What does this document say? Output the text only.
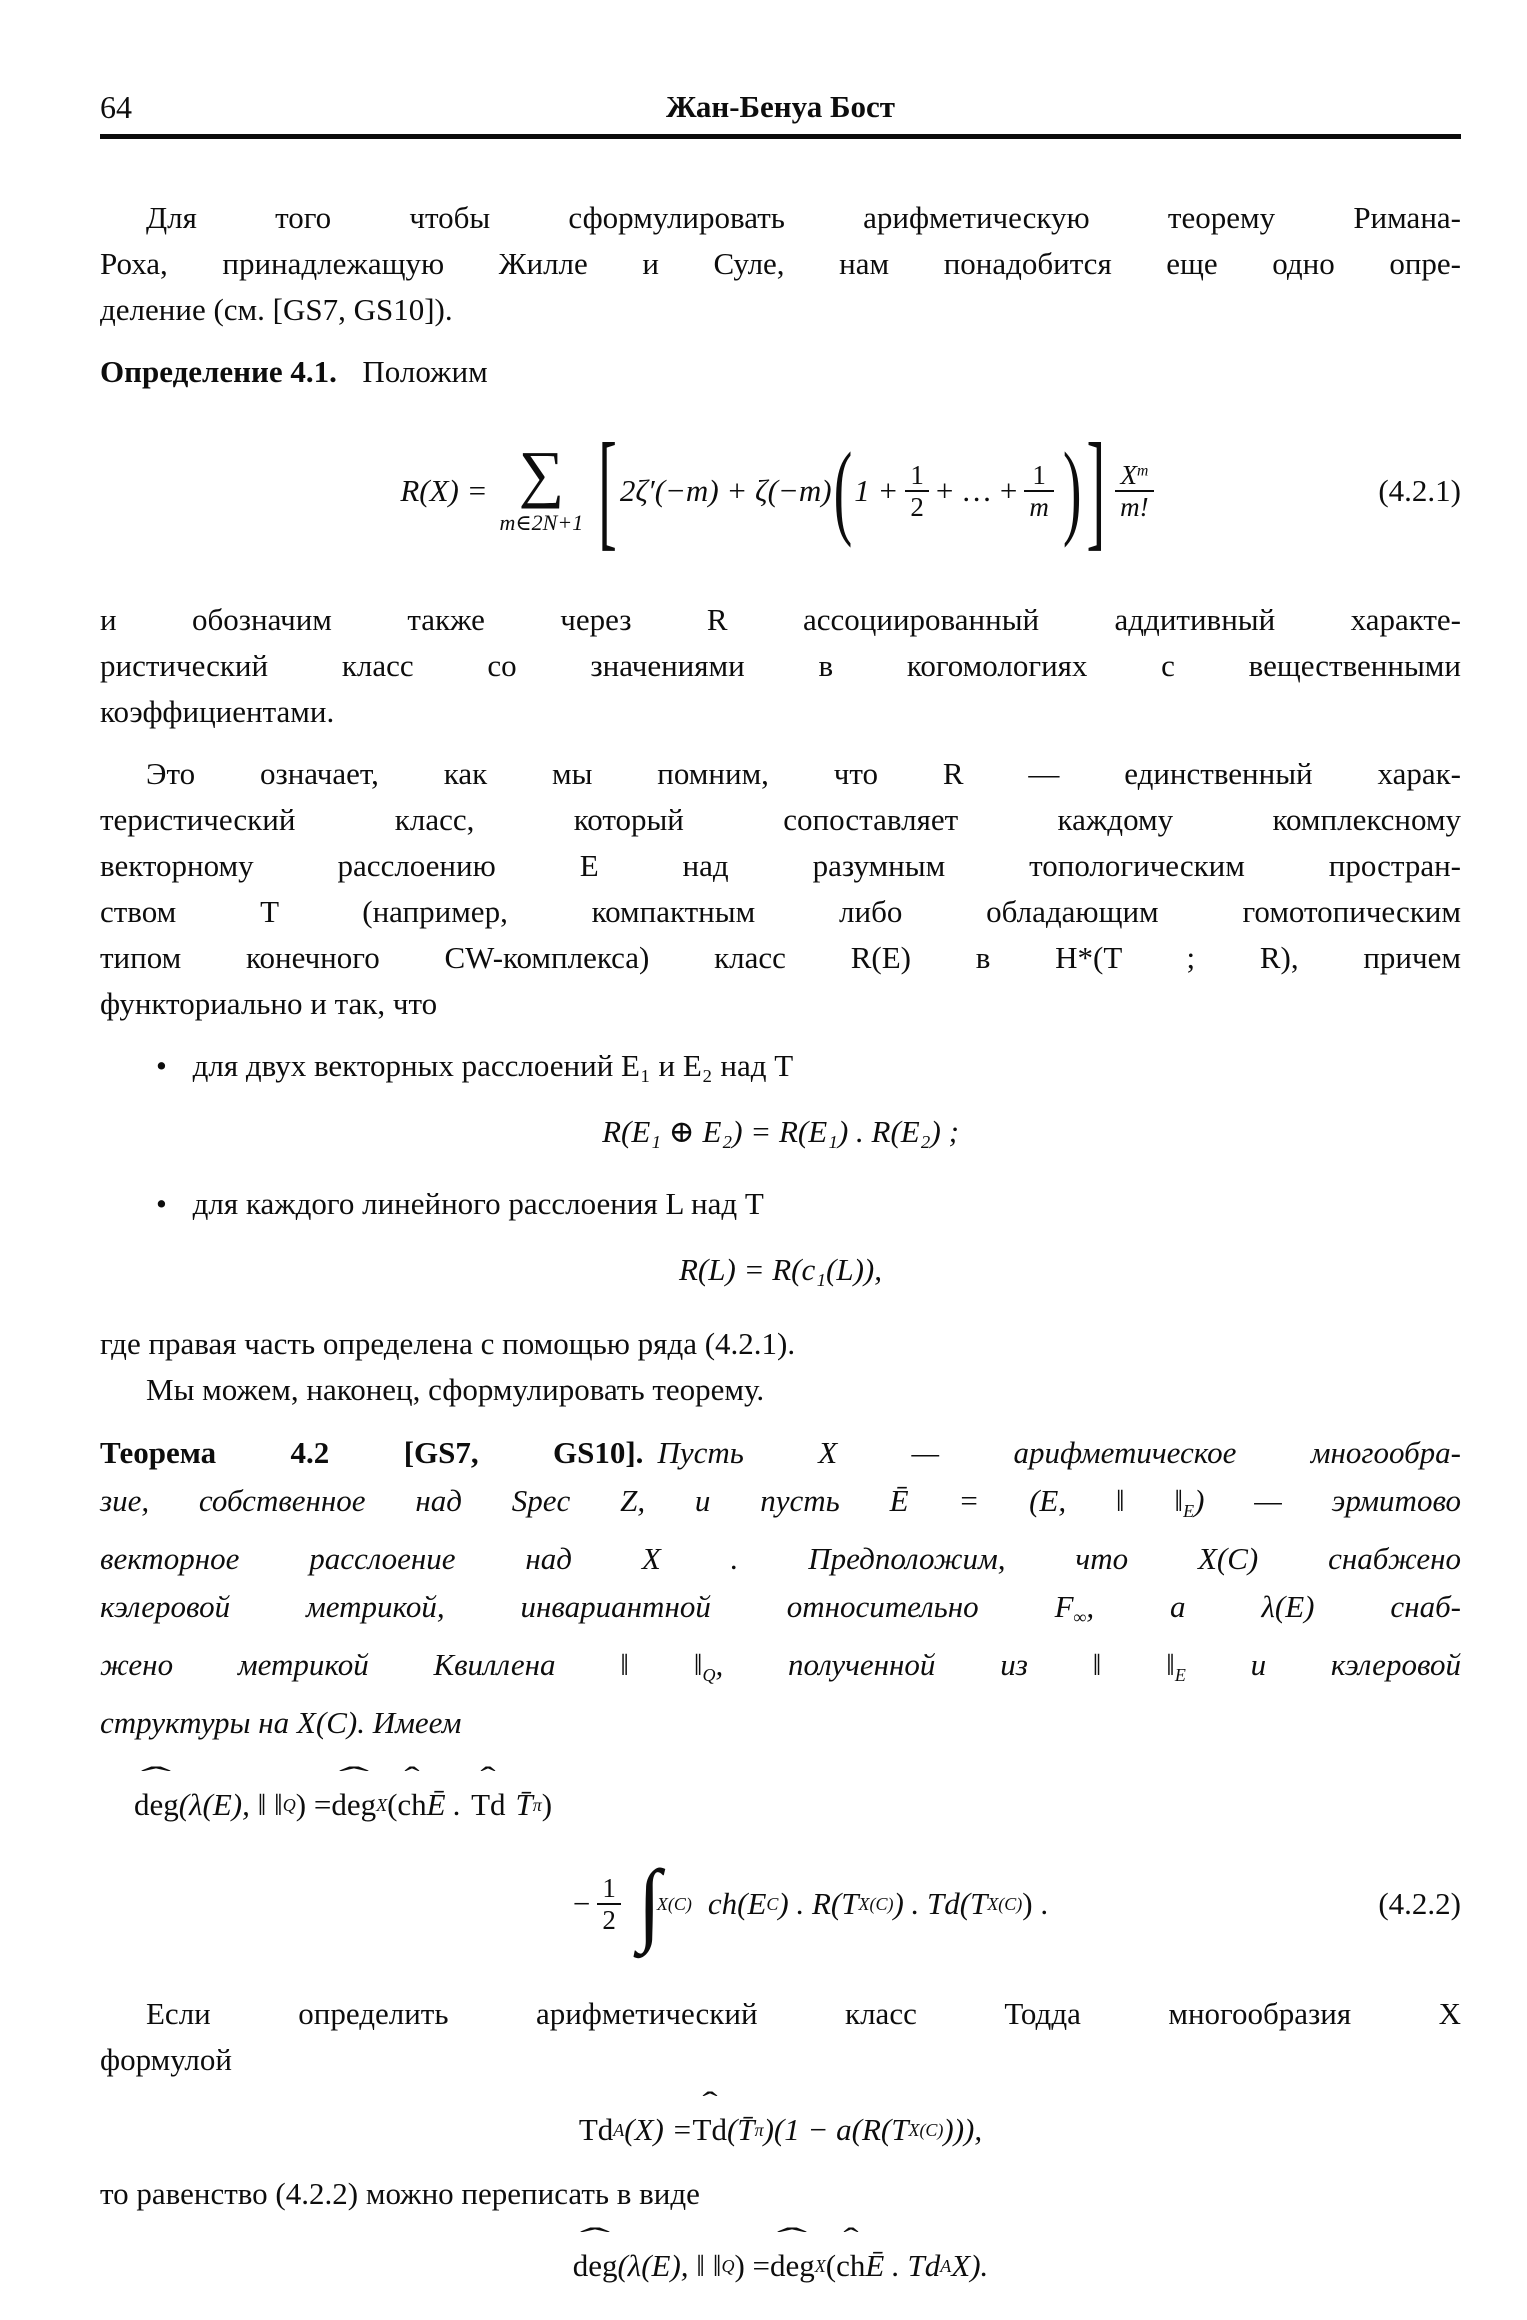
64	Жан-Бенуа Бост
Для того чтобы сформулировать арифметическую теорему Римана-
Роха, принадлежащую Жилле и Суле, нам понадобится еще одно опре-
деление (см. [GS7, GS10]).
Определение 4.1. Положим
R(X) = ∑
m∈2N+1 [ 2ζ′(−m) + ζ(−m) ( $1 + \frac{1}{2}$ + … + $\frac{1}{m}$ ) ] $\frac{X^m}{m!}$	(4.2.1)
и обозначим также через R ассоциированный аддитивный характе-
ристический класс со значениями в когомологиях с вещественными
коэффициентами.
Это означает, как мы помним, что R — единственный харак-
теристический класс, который сопоставляет каждому комплексному
векторному расслоению E над разумным топологическим простран-
ством T (например, компактным либо обладающим гомотопическим
типом конечного CW-комплекса) класс R(E) в H*(T ; R), причем
функториально и так, что
• для двух векторных расслоений E₁ и E₂ над T
R(E₁ ⊕ E₂) = R(E₁) . R(E₂) ;
• для каждого линейного расслоения L над T
R(L) = R(c₁(L)),
где правая часть определена с помощью ряда (4.2.1).
Мы можем, наконец, сформулировать теорему.
Теорема 4.2 [GS7, GS10]. Пусть X — арифметическое многообра-
зие, собственное над Spec Z, и пусть Ē = (E, ‖ $‖_E$) — эрмитово
векторное расслоение над X . Предположим, что X(C) снабжено
кэлеровой метрикой, инвариантной относительно $F_\infty$, а λ(E) снаб-
жено метрикой Квиллена ‖ $‖_Q$, полученной из ‖ $‖_E$ и кэлеровой
структуры на X(C). Имеем
ˆ
deg (λ(E), ‖ ‖ Q ) =
ˆ
deg X (
ˆ
ch Ē .
ˆ
Td T̄ π )
− $\frac{1}{2}$ ∫
X(C) ch(E C ) . R(T X(C) ) . Td(T X(C) ) .	(4.2.2)
Если определить арифметический класс Тодда многообразия X
формулой
Td A (X) =
ˆ
Td (T̄ π )(1 − a(R(T X(C) ))),
то равенство (4.2.2) можно переписать в виде
ˆ
deg (λ(E), ‖ ‖ Q ) =
ˆ
deg X (
ˆ
ch Ē . Td A X).
